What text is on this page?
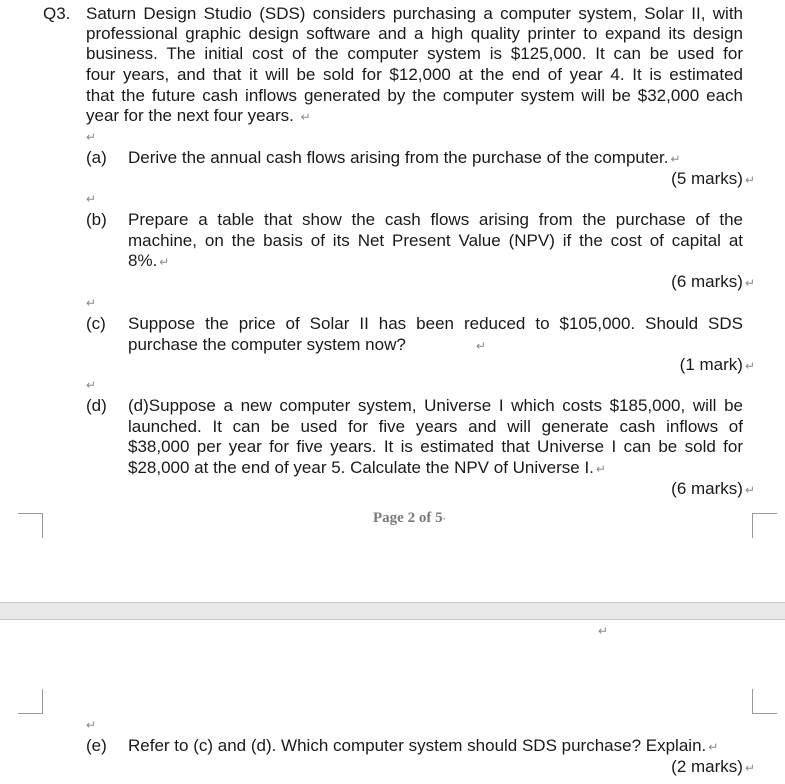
Q3. Saturn Design Studio (SDS) considers purchasing a computer system, Solar II, with
professional graphic design software and a high quality printer to expand its design
business. The initial cost of the computer system is $125,000. It can be used for
four years, and that it will be sold for $12,000 at the end of year 4. It is estimated
that the future cash inflows generated by the computer system will be $32,000 each
year for the next four years. ↵
↵
(a) Derive the annual cash flows arising from the purchase of the computer. ↵
(5 marks) ↵
↵
(b) Prepare a table that show the cash flows arising from the purchase of the
machine, on the basis of its Net Present Value (NPV) if the cost of capital at
8%. ↵
(6 marks) ↵
↵
(c) Suppose the price of Solar II has been reduced to $105,000. Should SDS
purchase the computer system now?	↵
(1 mark) ↵
↵
(d) (d)Suppose a new computer system, Universe I which costs $185,000, will be
launched. It can be used for five years and will generate cash inflows of
$38,000 per year for five years. It is estimated that Universe I can be sold for
$28,000 at the end of year 5. Calculate the NPV of Universe I. ↵
(6 marks) ↵
Page 2 of 5·
↵
↵
(e) Refer to (c) and (d). Which computer system should SDS purchase? Explain. ↵
(2 marks) ↵
